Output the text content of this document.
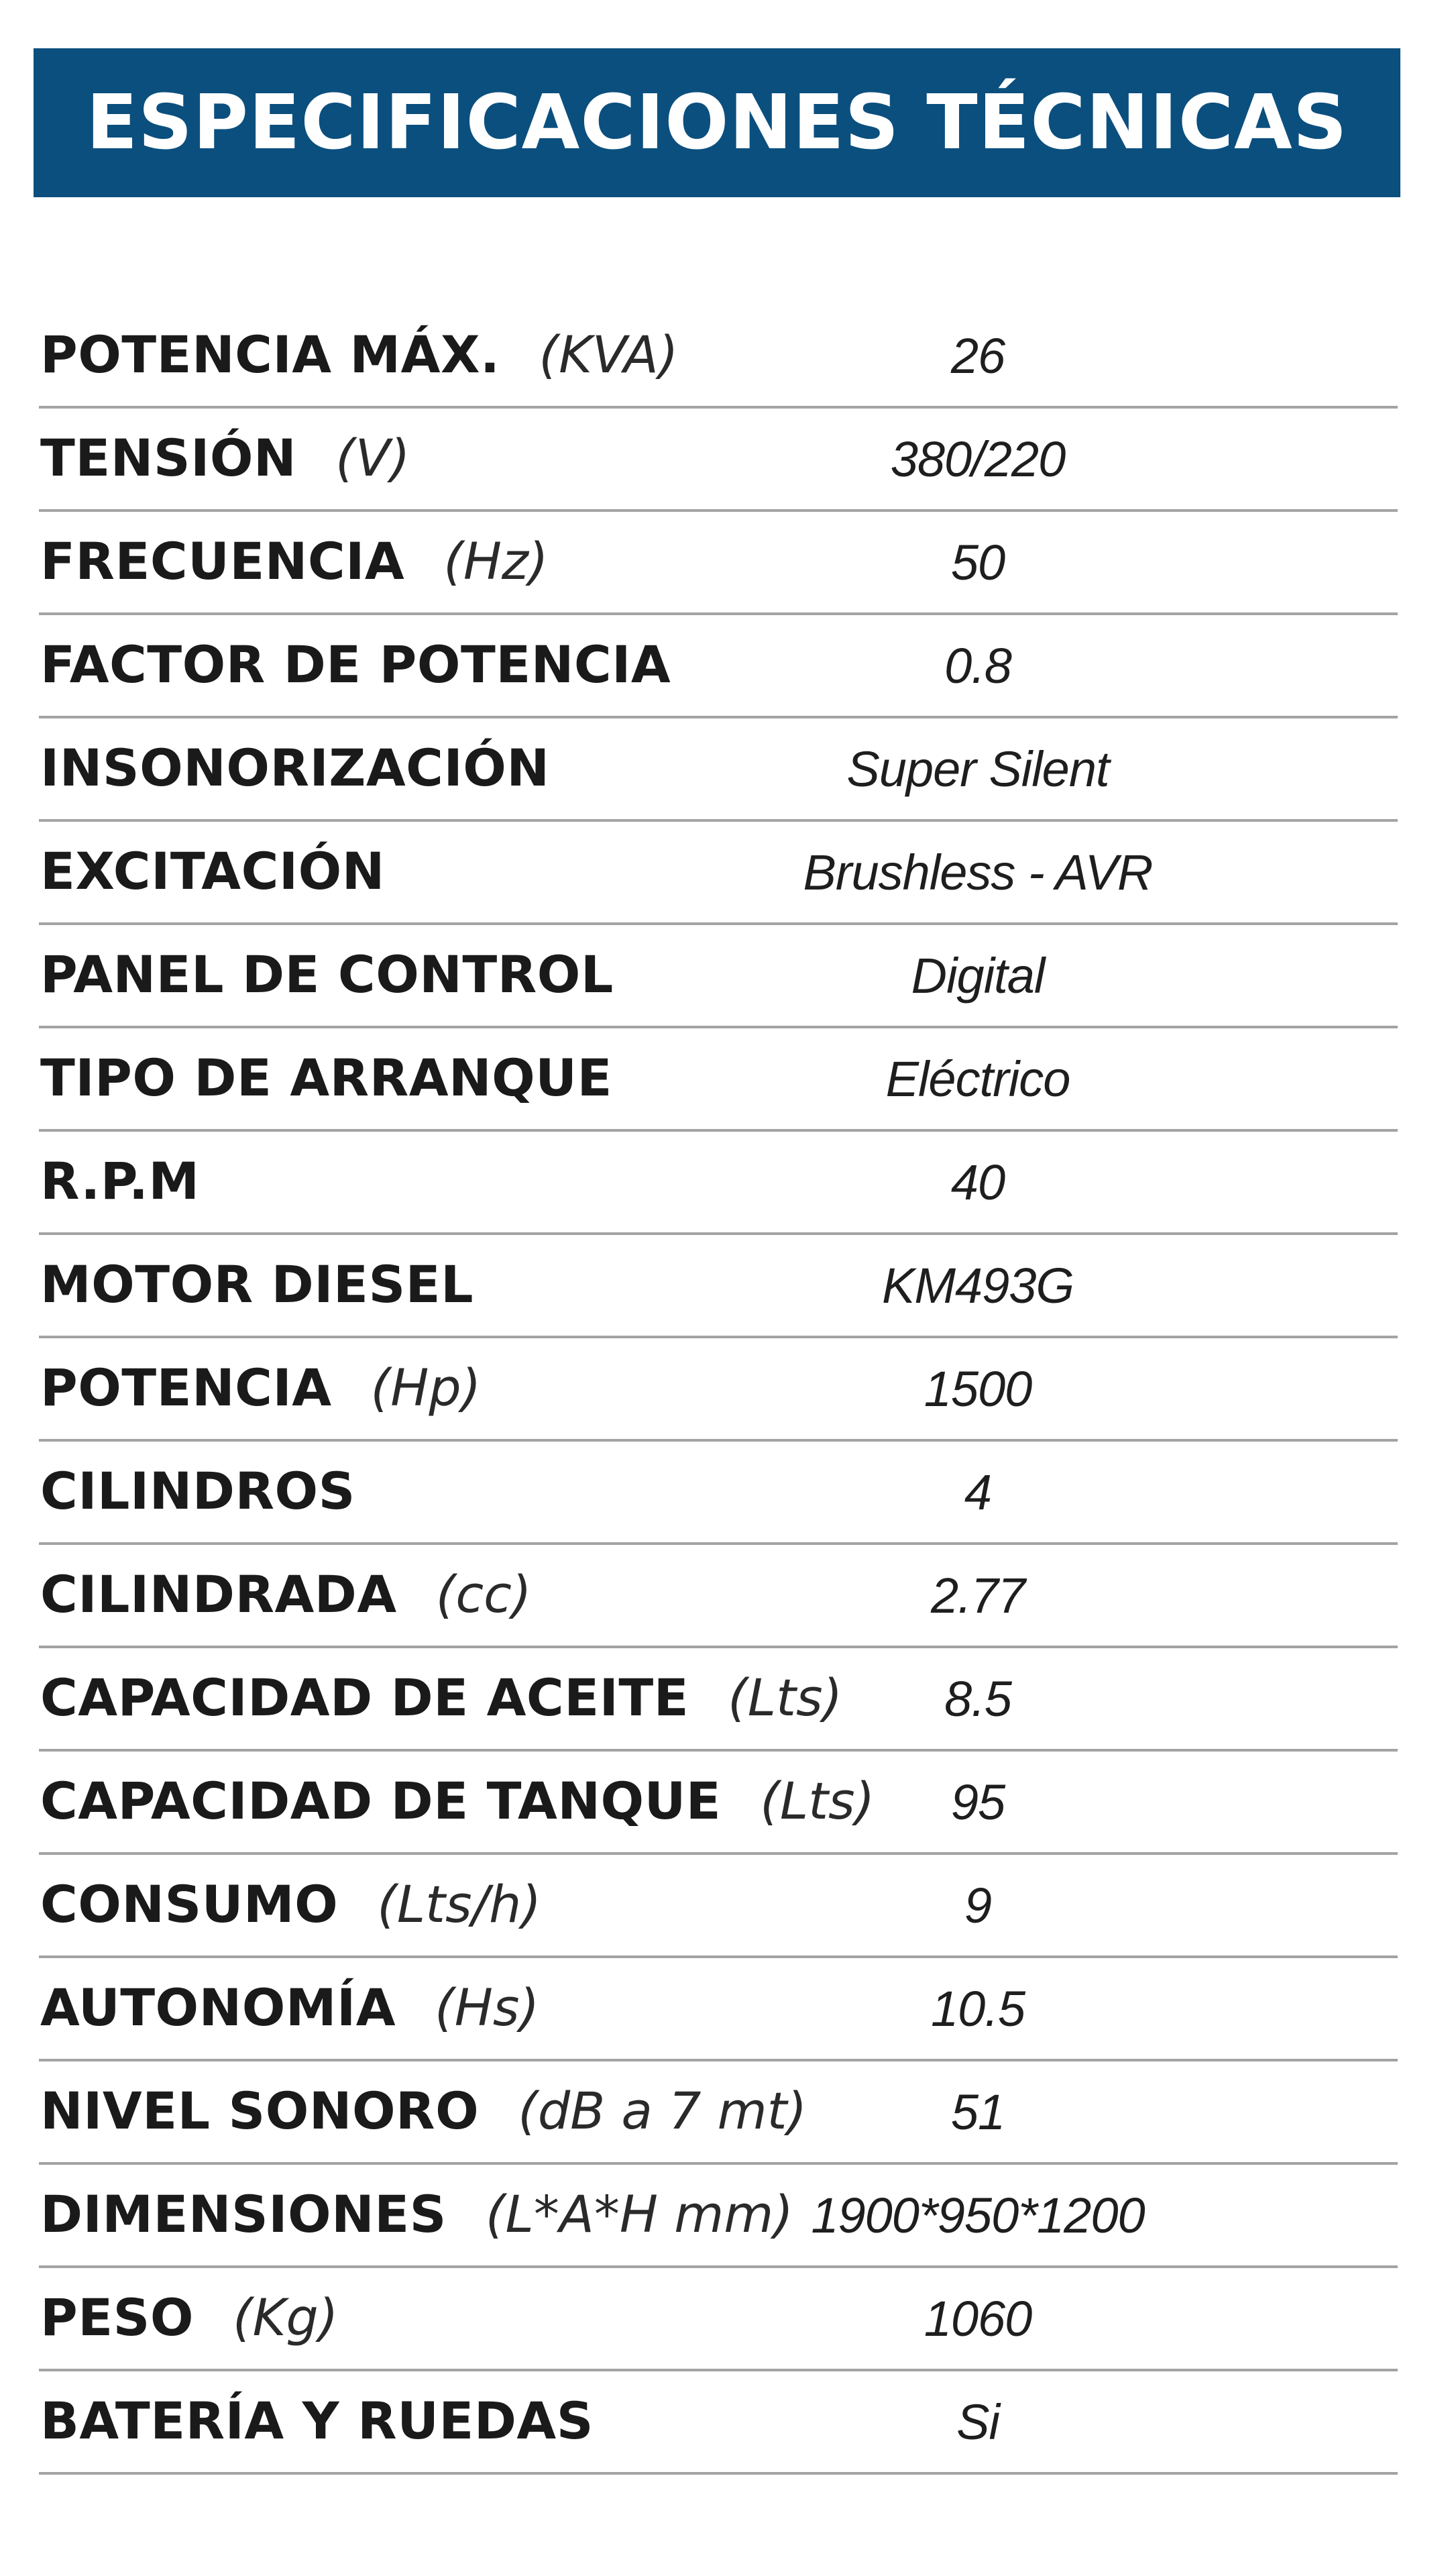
ESPECIFICACIONES TÉCNICAS
POTENCIA MÁX. (KVA)	26
TENSIÓN (V)	380/220
FRECUENCIA (Hz)	50
FACTOR DE POTENCIA	0.8
INSONORIZACIÓN	Super Silent
EXCITACIÓN	Brushless - AVR
PANEL DE CONTROL	Digital
TIPO DE ARRANQUE	Eléctrico
R.P.M	40
MOTOR DIESEL	KM493G
POTENCIA (Hp)	1500
CILINDROS	4
CILINDRADA (cc)	2.77
CAPACIDAD DE ACEITE (Lts)	8.5
CAPACIDAD DE TANQUE (Lts)	95
CONSUMO (Lts/h)	9
AUTONOMÍA (Hs)	10.5
NIVEL SONORO (dB a 7 mt)	51
DIMENSIONES (L*A*H mm) 1900*950*1200
PESO (Kg)	1060
BATERÍA Y RUEDAS	Si
